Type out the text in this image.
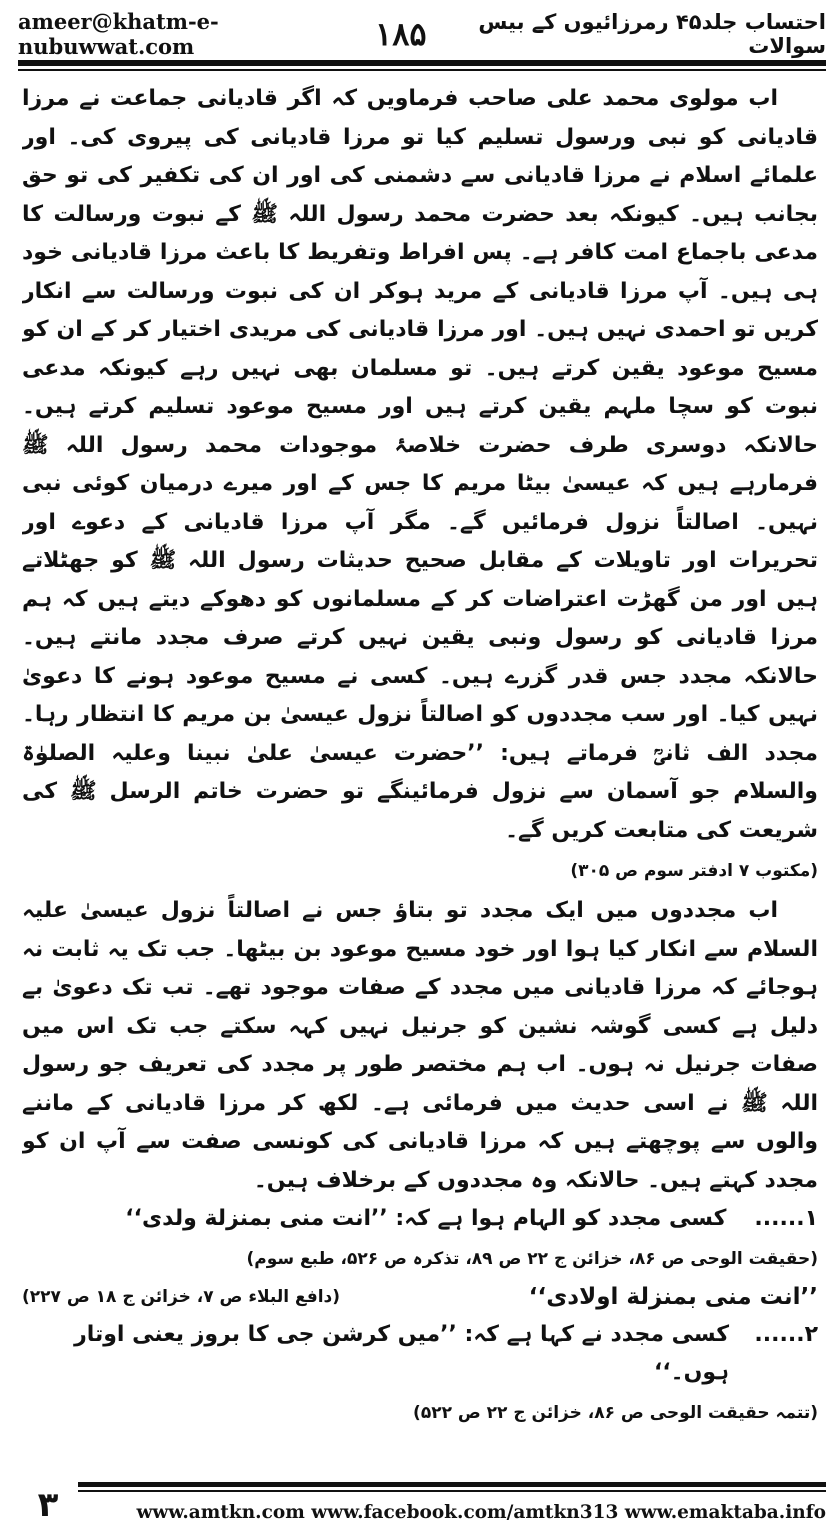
ameer@khatm-e-nubuwwat.com	۱۸۵	احتساب جلد۴۵ رمرزائیوں کے بیس سوالات

اب مولوی محمد علی صاحب فرماویں کہ اگر قادیانی جماعت نے مرزا قادیانی کو نبی ورسول تسلیم کیا تو مرزا قادیانی کی پیروی کی۔ اور علمائے اسلام نے مرزا قادیانی سے دشمنی کی اور ان کی تکفیر کی تو حق بجانب ہیں۔ کیونکہ بعد حضرت محمد رسول اللہ ﷺ کے نبوت ورسالت کا مدعی باجماع امت کافر ہے۔ پس افراط وتفریط کا باعث مرزا قادیانی خود ہی ہیں۔ آپ مرزا قادیانی کے مرید ہوکر ان کی نبوت ورسالت سے انکار کریں تو احمدی نہیں ہیں۔ اور مرزا قادیانی کی مریدی اختیار کر کے ان کو مسیح موعود یقین کرتے ہیں۔ تو مسلمان بھی نہیں رہے کیونکہ مدعی نبوت کو سچا ملہم یقین کرتے ہیں اور مسیح موعود تسلیم کرتے ہیں۔ حالانکہ دوسری طرف حضرت خلاصۂ موجودات محمد رسول اللہ ﷺ فرمارہے ہیں کہ عیسیٰ بیٹا مریم کا جس کے اور میرے درمیان کوئی نبی نہیں۔ اصالتاً نزول فرمائیں گے۔ مگر آپ مرزا قادیانی کے دعوے اور تحریرات اور تاویلات کے مقابل صحیح حدیثات رسول اللہ ﷺ کو جھٹلاتے ہیں اور من گھڑت اعتراضات کر کے مسلمانوں کو دھوکے دیتے ہیں کہ ہم مرزا قادیانی کو رسول ونبی یقین نہیں کرتے صرف مجدد مانتے ہیں۔ حالانکہ مجدد جس قدر گزرے ہیں۔ کسی نے مسیح موعود ہونے کا دعویٰ نہیں کیا۔ اور سب مجددوں کو اصالتاً نزول عیسیٰ بن مریم کا انتظار رہا۔ مجدد الف ثانیؒ فرماتے ہیں: ’’حضرت عیسیٰ علیٰ نبینا وعلیہ الصلوٰۃ والسلام جو آسمان سے نزول فرمائینگے تو حضرت خاتم الرسل ﷺ کی شریعت کی متابعت کریں گے۔

(مکتوب ۷ ادفتر سوم ص ۳۰۵)

اب مجددوں میں ایک مجدد تو بتاؤ جس نے اصالتاً نزول عیسیٰ علیہ السلام سے انکار کیا ہوا اور خود مسیح موعود بن بیٹھا۔ جب تک یہ ثابت نہ ہوجائے کہ مرزا قادیانی میں مجدد کے صفات موجود تھے۔ تب تک دعویٰ بے دلیل ہے کسی گوشہ نشین کو جرنیل نہیں کہہ سکتے جب تک اس میں صفات جرنیل نہ ہوں۔ اب ہم مختصر طور پر مجدد کی تعریف جو رسول اللہ ﷺ نے اسی حدیث میں فرمائی ہے۔ لکھ کر مرزا قادیانی کے ماننے والوں سے پوچھتے ہیں کہ مرزا قادیانی کی کونسی صفت سے آپ ان کو مجدد کہتے ہیں۔ حالانکہ وہ مجددوں کے برخلاف ہیں۔

۱......
کسی مجدد کو الہام ہوا ہے کہ: ’’انت منی بمنزلة ولدی‘‘
(حقیقت الوحی ص ۸۶، خزائن ج ۲۲ ص ۸۹، تذکرہ ص ۵۲۶، طبع سوم)
’’انت منی بمنزلة اولادی‘‘
(دافع البلاء ص ۷، خزائن ج ۱۸ ص ۲۲۷)
۲......
کسی مجدد نے کہا ہے کہ: ’’میں کرشن جی کا بروز یعنی اوتار ہوں۔‘‘
(تتمہ حقیقت الوحی ص ۸۶، خزائن ج ۲۲ ص ۵۲۲)
۳	www.amtkn.com www.facebook.com/amtkn313 www.emaktaba.info
